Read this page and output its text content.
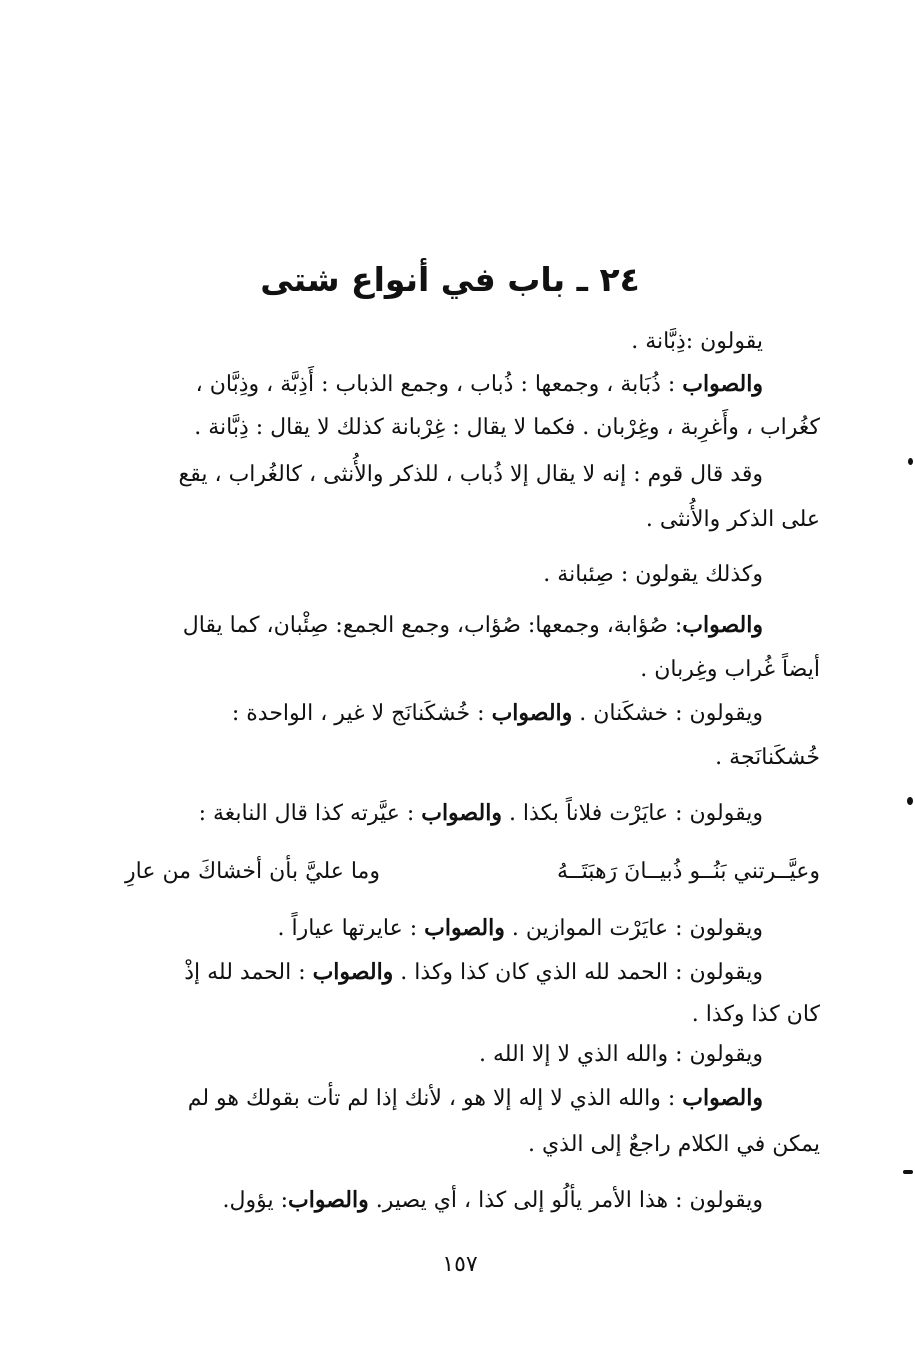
٢٤ ـ باب في أنواع شتى
يقولون :ذِبَّانة .
والصواب : ذُبَابة ، وجمعها : ذُباب ، وجمع الذباب : أَذِبَّة ، وذِبَّان ،
كغُراب ، وأَغرِبة ، وغِرْبان . فكما لا يقال : غِرْبانة كذلك لا يقال : ذِبَّانة .
وقد قال قوم : إنه لا يقال إلا ذُباب ، للذكر والأُنثى ، كالغُراب ، يقع
على الذكر والأُنثى .
وكذلك يقولون : صِئبانة .
والصواب: صُؤابة، وجمعها: صُؤاب، وجمع الجمع: صِئْبان، كما يقال
أيضاً غُراب وغِربان .
ويقولون : خشكَنان . والصواب : خُشكَنانَج لا غير ، الواحدة :
خُشكَنانَجة .
ويقولون : عايَرْت فلاناً بكذا . والصواب : عيَّرته كذا قال النابغة :
وعيَّــرتني بَنُــو ذُبيــانَ رَهبَتَــهُ
وما عليَّ بأن أخشاكَ من عارِ
ويقولون : عايَرْت الموازين . والصواب : عايرتها عياراً .
ويقولون : الحمد لله الذي كان كذا وكذا . والصواب : الحمد لله إذْ
كان كذا وكذا .
ويقولون : والله الذي لا إلا الله .
والصواب : والله الذي لا إله إلا هو ، لأنك إذا لم تأت بقولك هو لم
يمكن في الكلام راجعٌ إلى الذي .
ويقولون : هذا الأمر يألُو إلى كذا ، أي يصير. والصواب: يؤول.
١٥٧
